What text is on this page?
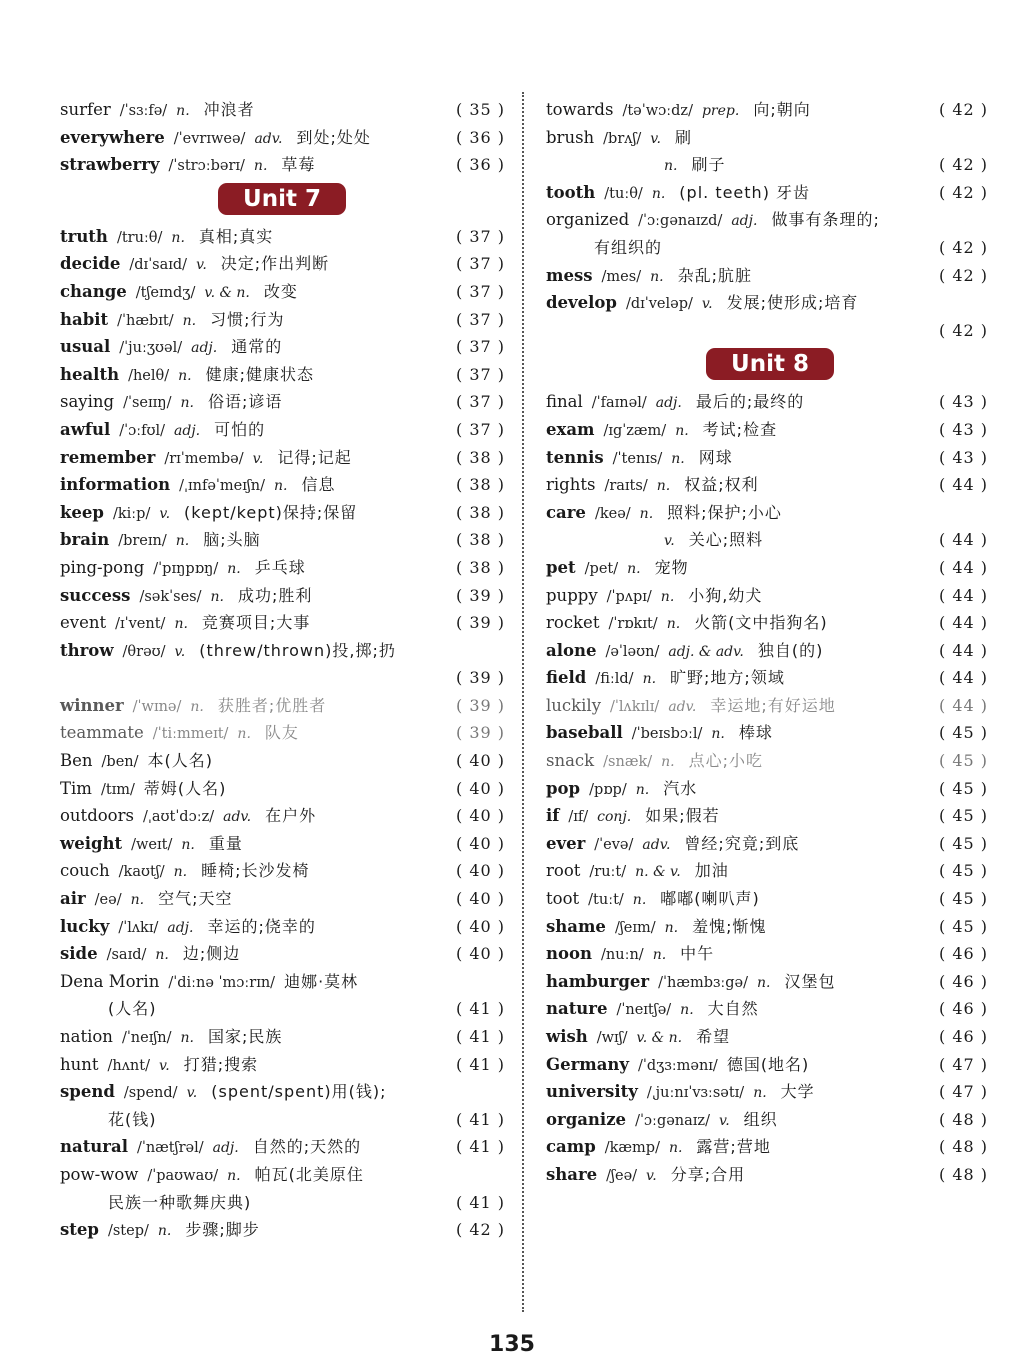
surfer /ˈsɜːfə/ n. 冲浪者	( 35 )
everywhere /ˈevrɪweə/ adv. 到处;处处	( 36 )
strawberry /ˈstrɔːbərɪ/ n. 草莓	( 36 )
Unit 7
truth /truːθ/ n. 真相;真实	( 37 )
decide /dɪˈsaɪd/ v. 决定;作出判断	( 37 )
change /tʃeɪndʒ/ v. & n. 改变	( 37 )
habit /ˈhæbɪt/ n. 习惯;行为	( 37 )
usual /ˈjuːʒʊəl/ adj. 通常的	( 37 )
health /helθ/ n. 健康;健康状态	( 37 )
saying /ˈseɪɪŋ/ n. 俗语;谚语	( 37 )
awful /ˈɔːfʊl/ adj. 可怕的	( 37 )
remember /rɪˈmembə/ v. 记得;记起	( 38 )
information /ˌɪnfəˈmeɪʃn/ n. 信息	( 38 )
keep /kiːp/ v. (kept/kept)保持;保留	( 38 )
brain /breɪn/ n. 脑;头脑	( 38 )
ping-pong /ˈpɪŋpɒŋ/ n. 乒乓球	( 38 )
success /səkˈses/ n. 成功;胜利	( 39 )
event /ɪˈvent/ n. 竞赛项目;大事	( 39 )
throw /θrəʊ/ v. (threw/thrown)投,掷;扔
( 39 )
winner /ˈwɪnə/ n. 获胜者;优胜者	( 39 )
teammate /ˈtiːmmeɪt/ n. 队友	( 39 )
Ben /ben/ 本(人名)	( 40 )
Tim /tɪm/ 蒂姆(人名)	( 40 )
outdoors /ˌaʊtˈdɔːz/ adv. 在户外	( 40 )
weight /weɪt/ n. 重量	( 40 )
couch /kaʊtʃ/ n. 睡椅;长沙发椅	( 40 )
air /eə/ n. 空气;天空	( 40 )
lucky /ˈlʌkɪ/ adj. 幸运的;侥幸的	( 40 )
side /saɪd/ n. 边;侧边	( 40 )
Dena Morin /ˈdiːnə ˈmɔːrɪn/ 迪娜·莫林
(人名)	( 41 )
nation /ˈneɪʃn/ n. 国家;民族	( 41 )
hunt /hʌnt/ v. 打猎;搜索	( 41 )
spend /spend/ v. (spent/spent)用(钱);
花(钱)	( 41 )
natural /ˈnætʃrəl/ adj. 自然的;天然的	( 41 )
pow-wow /ˈpaʊwaʊ/ n. 帕瓦(北美原住
民族一种歌舞庆典)	( 41 )
step /step/ n. 步骤;脚步	( 42 )
towards /təˈwɔːdz/ prep. 向;朝向	( 42 )
brush /brʌʃ/ v. 刷
n. 刷子	( 42 )
tooth /tuːθ/ n. (pl. teeth) 牙齿	( 42 )
organized /ˈɔːgənaɪzd/ adj. 做事有条理的;
有组织的	( 42 )
mess /mes/ n. 杂乱;肮脏	( 42 )
develop /dɪˈveləp/ v. 发展;使形成;培育
( 42 )
Unit 8
final /ˈfaɪnəl/ adj. 最后的;最终的	( 43 )
exam /ɪgˈzæm/ n. 考试;检查	( 43 )
tennis /ˈtenɪs/ n. 网球	( 43 )
rights /raɪts/ n. 权益;权利	( 44 )
care /keə/ n. 照料;保护;小心
v. 关心;照料	( 44 )
pet /pet/ n. 宠物	( 44 )
puppy /ˈpʌpɪ/ n. 小狗,幼犬	( 44 )
rocket /ˈrɒkɪt/ n. 火箭(文中指狗名)	( 44 )
alone /əˈləʊn/ adj. & adv. 独自(的)	( 44 )
field /fiːld/ n. 旷野;地方;领域	( 44 )
luckily /ˈlʌkɪlɪ/ adv. 幸运地;有好运地	( 44 )
baseball /ˈbeɪsbɔːl/ n. 棒球	( 45 )
snack /snæk/ n. 点心;小吃	( 45 )
pop /pɒp/ n. 汽水	( 45 )
if /ɪf/ conj. 如果;假若	( 45 )
ever /ˈevə/ adv. 曾经;究竟;到底	( 45 )
root /ruːt/ n. & v. 加油	( 45 )
toot /tuːt/ n. 嘟嘟(喇叭声)	( 45 )
shame /ʃeɪm/ n. 羞愧;惭愧	( 45 )
noon /nuːn/ n. 中午	( 46 )
hamburger /ˈhæmbɜːgə/ n. 汉堡包	( 46 )
nature /ˈneɪtʃə/ n. 大自然	( 46 )
wish /wɪʃ/ v. & n. 希望	( 46 )
Germany /ˈdʒɜːmənɪ/ 德国(地名)	( 47 )
university /ˌjuːnɪˈvɜːsətɪ/ n. 大学	( 47 )
organize /ˈɔːgənaɪz/ v. 组织	( 48 )
camp /kæmp/ n. 露营;营地	( 48 )
share /ʃeə/ v. 分享;合用	( 48 )
135
